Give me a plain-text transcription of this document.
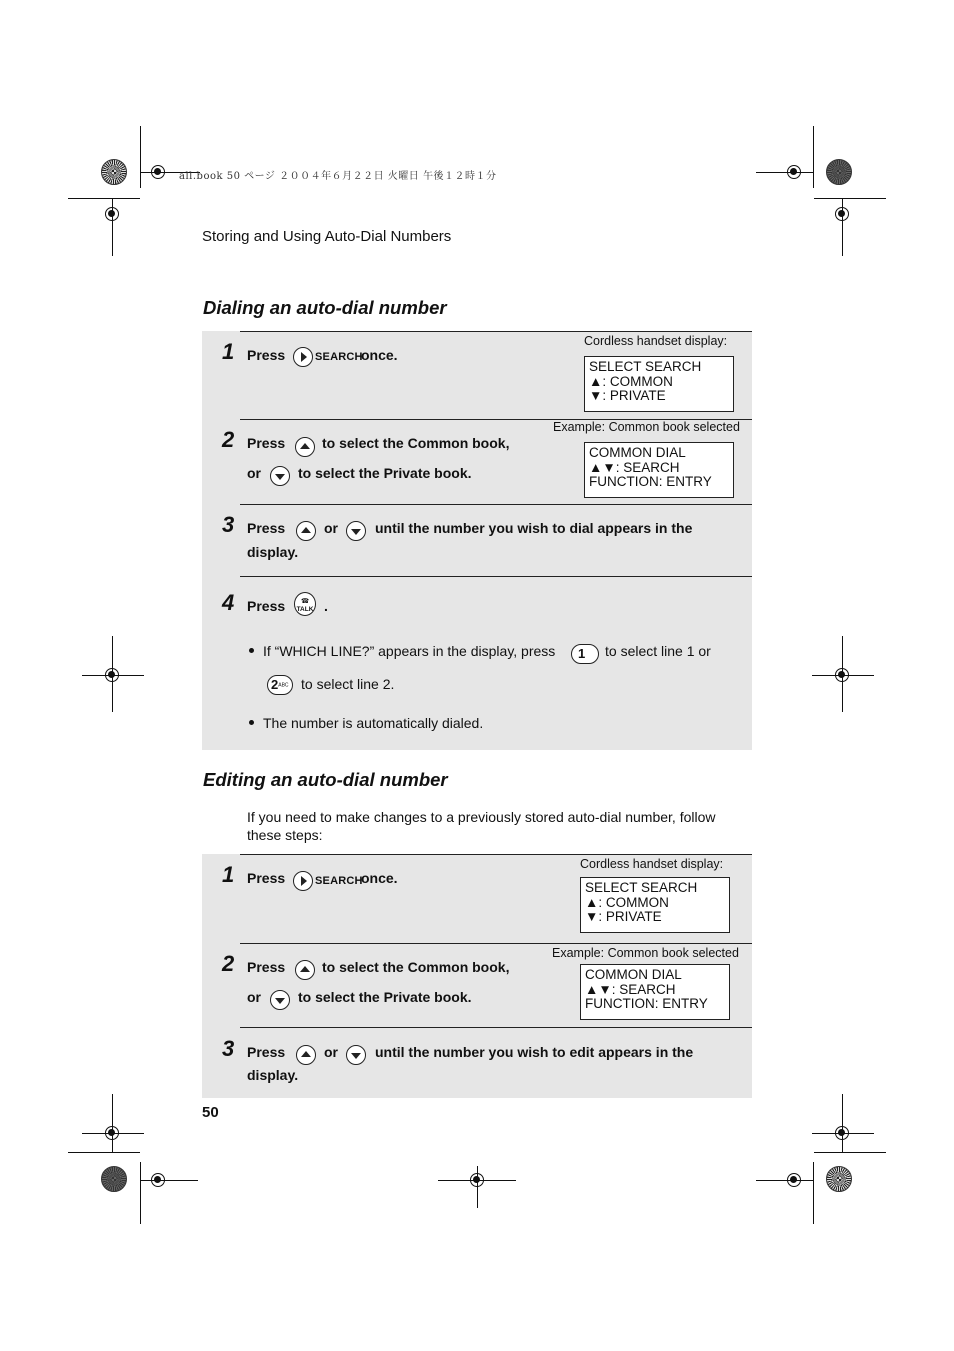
all.book 50 ページ ２００４年６月２２日 火曜日 午後１２時１分
Storing and Using Auto-Dial Numbers
Dialing an auto-dial number
1 Press	SEARCH
once.
Cordless handset display:
SELECT SEARCH
▲: COMMON
▼: PRIVATE
2 Press	to select the Common book,
or	to select the Private book.
Example: Common book selected
COMMON DIAL
▲▼: SEARCH
FUNCTION: ENTRY
3 Press	or	until the number you wish to dial appears in the
display.
4 Press	☎
TALK .
If “WHICH LINE?” appears in the display, press	1	to select line 1 or
2ABC to select line 2.
The number is automatically dialed.
Editing an auto-dial number
If you need to make changes to a previously stored auto-dial number, follow
these steps:
1 Press	SEARCH
once.
Cordless handset display:
SELECT SEARCH
▲: COMMON
▼: PRIVATE
2 Press	to select the Common book,
or	to select the Private book.
Example: Common book selected
COMMON DIAL
▲▼: SEARCH
FUNCTION: ENTRY
3 Press	or	until the number you wish to edit appears in the
display.
50
